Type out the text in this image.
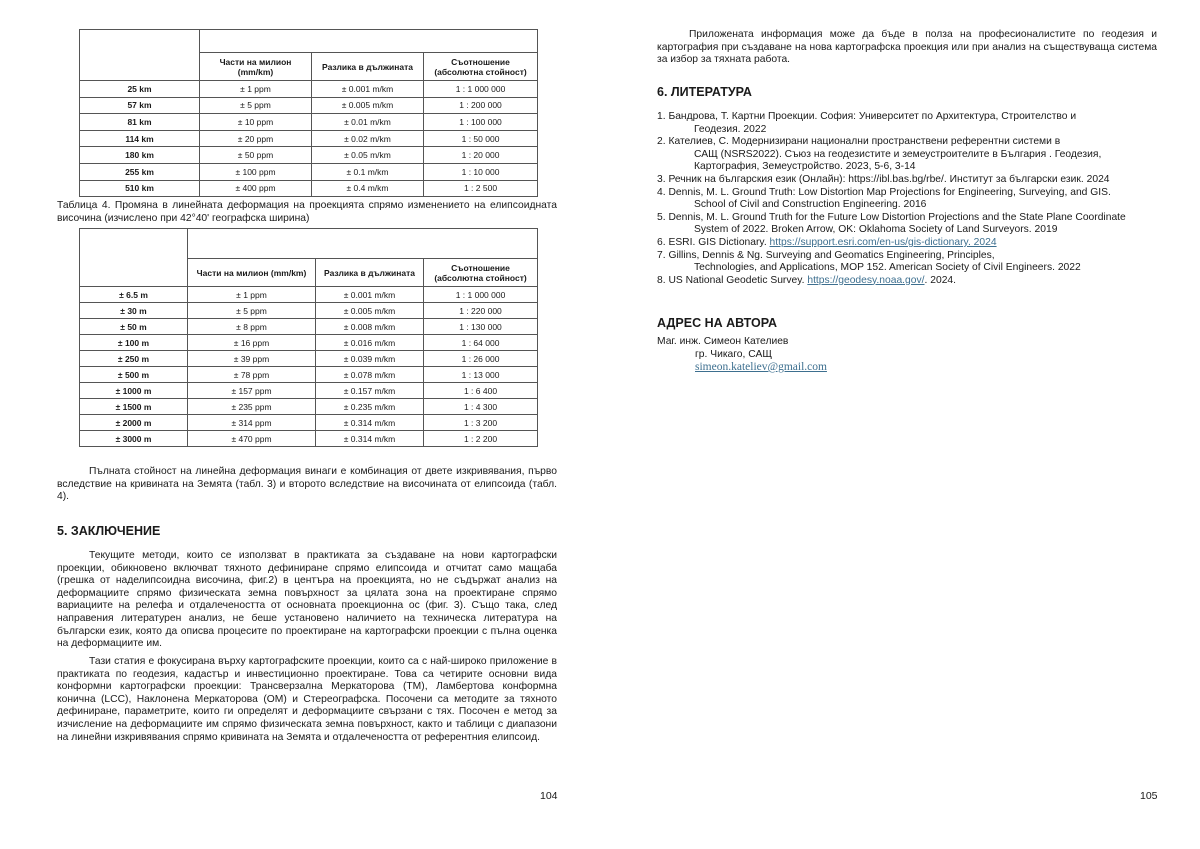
	Части на милион (mm/km)	Разлика в дължината	Съотношение (абсолютна стойност)
25 km	± 1 ppm	± 0.001 m/km	1 : 1 000 000
57 km	± 5 ppm	± 0.005 m/km	1 : 200 000
81 km	± 10 ppm	± 0.01 m/km	1 : 100 000
114 km	± 20 ppm	± 0.02 m/km	1 : 50 000
180 km	± 50 ppm	± 0.05 m/km	1 : 20 000
255 km	± 100 ppm	± 0.1 m/km	1 : 10 000
510 km	± 400 ppm	± 0.4 m/km	1 : 2 500

Таблица 4. Промяна в линейната деформация на проекцията спрямо изменението на елипсоидната височина (изчислено при 42°40' географска ширина)

	Части на милион (mm/km)	Разлика в дължината	Съотношение (абсолютна стойност)
± 6.5 m	± 1 ppm	± 0.001 m/km	1 : 1 000 000
± 30 m	± 5 ppm	± 0.005 m/km	1 : 220 000
± 50 m	± 8 ppm	± 0.008 m/km	1 : 130 000
± 100 m	± 16 ppm	± 0.016 m/km	1 : 64 000
± 250 m	± 39 ppm	± 0.039 m/km	1 : 26 000
± 500 m	± 78 ppm	± 0.078 m/km	1 : 13 000
± 1000 m	± 157 ppm	± 0.157 m/km	1 : 6 400
± 1500 m	± 235 ppm	± 0.235 m/km	1 : 4 300
± 2000 m	± 314 ppm	± 0.314 m/km	1 : 3 200
± 3000 m	± 470 ppm	± 0.314 m/km	1 : 2 200

Пълната стойност на линейна деформация винаги е комбинация от двете изкривявания, първо вследствие на кривината на Земята (табл. 3) и второто вследствие на височината от елипсоида (табл. 4).

5. ЗАКЛЮЧЕНИЕ

Текущите методи, които се използват в практиката за създаване на нови картографски проекции, обикновено включват тяхното дефиниране спрямо елипсоида и отчитат само мащаба (грешка от наделипсоидна височина, фиг.2) в центъра на проекцията, но не съдържат анализ на деформациите спрямо физическата земна повърхност за цялата зона на проектиране спрямо вариациите на релефа и отдалечеността от основната проекционна ос (фиг. 3). Също така, след направения литературен анализ, не беше установено наличието на техническа литература на български език, която да описва процесите по проектиране на картографски проекции с пълна оценка на деформациите им.

Тази статия е фокусирана върху картографските проекции, които са с най-широко приложение в практиката по геодезия, кадастър и инвестиционно проектиране. Това са четирите основни вида конформни картографски проекции: Трансверзална Меркаторова (ТМ), Ламбертова конформна конична (LCC), Наклонена Меркаторова (ОМ) и Стереографска. Посочени са методите за тяхното дефиниране, параметрите, които ги определят и деформациите свързани с тях. Посочен е метод за изчисление на деформациите им спрямо физическата земна повърхност, както и таблици с диапазони на линейни изкривявания спрямо кривината на Земята и отдалечеността от референтния елипсоид.

104

Приложената информация може да бъде в полза на професионалистите по геодезия и картография при създаване на нова картографска проекция или при анализ на съществуваща система за избор за тяхната работа.

6. ЛИТЕРАТУРА
1. Бандрова, Т. Картни Проекции. София: Университет по Архитектура, Строителство и
Геодезия. 2022
2. Кателиев, С. Модернизирани национални пространствени референтни системи в
САЩ (NSRS2022). Съюз на геодезистите и земеустроителите в България . Геодезия,
Картография, Земеустройство. 2023, 5-6, 3-14
3. Речник на българския език (Онлайн): https://ibl.bas.bg/rbe/. Институт за български език. 2024
4. Dennis, M. L. Ground Truth: Low Distortion Map Projections for Engineering, Surveying, and GIS.
School of Civil and Construction Engineering. 2016
5. Dennis, M. L. Ground Truth for the Future Low Distortion Projections and the State Plane Coordinate
System of 2022. Broken Arrow, OK: Oklahoma Society of Land Surveyors. 2019
6. ESRI. GIS Dictionary. https://support.esri.com/en-us/gis-dictionary. 2024
7. Gillins, Dennis & Ng. Surveying and Geomatics Engineering, Principles,
Technologies, and Applications, MOP 152. American Society of Civil Engineers. 2022
8. US National Geodetic Survey. https://geodesy.noaa.gov/. 2024.
АДРЕС НА АВТОРА
Маг. инж. Симеон Кателиев
гр. Чикаго, САЩ
simeon.kateliev@gmail.com
105
